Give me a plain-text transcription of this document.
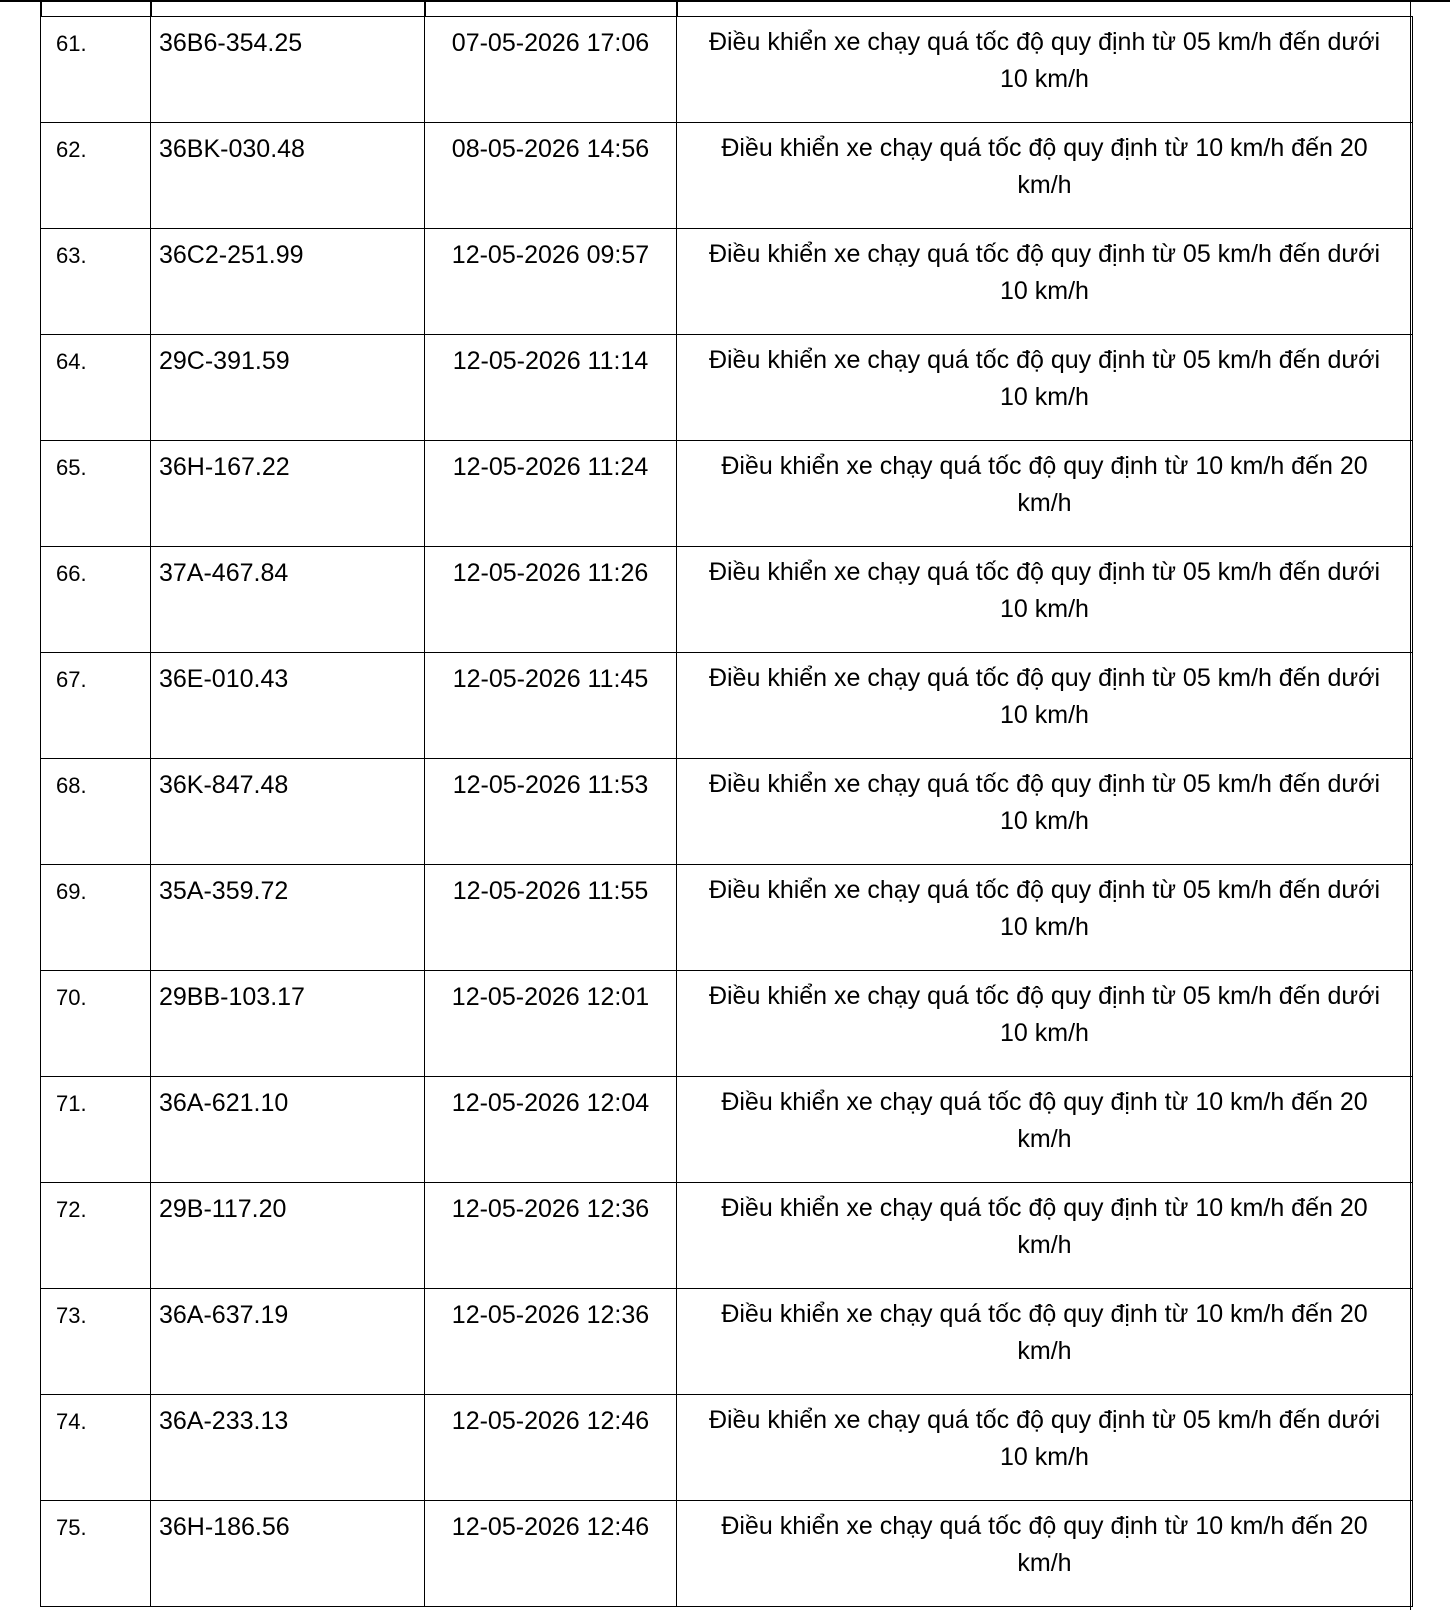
61.	36B6-354.25	07-05-2026 17:06	Điều khiển xe chạy quá tốc độ quy định từ 05 km/h đến dưới 10 km/h
62.	36BK-030.48	08-05-2026 14:56	Điều khiển xe chạy quá tốc độ quy định từ 10 km/h đến 20 km/h
63.	36C2-251.99	12-05-2026 09:57	Điều khiển xe chạy quá tốc độ quy định từ 05 km/h đến dưới 10 km/h
64.	29C-391.59	12-05-2026 11:14	Điều khiển xe chạy quá tốc độ quy định từ 05 km/h đến dưới 10 km/h
65.	36H-167.22	12-05-2026 11:24	Điều khiển xe chạy quá tốc độ quy định từ 10 km/h đến 20 km/h
66.	37A-467.84	12-05-2026 11:26	Điều khiển xe chạy quá tốc độ quy định từ 05 km/h đến dưới 10 km/h
67.	36E-010.43	12-05-2026 11:45	Điều khiển xe chạy quá tốc độ quy định từ 05 km/h đến dưới 10 km/h
68.	36K-847.48	12-05-2026 11:53	Điều khiển xe chạy quá tốc độ quy định từ 05 km/h đến dưới 10 km/h
69.	35A-359.72	12-05-2026 11:55	Điều khiển xe chạy quá tốc độ quy định từ 05 km/h đến dưới 10 km/h
70.	29BB-103.17	12-05-2026 12:01	Điều khiển xe chạy quá tốc độ quy định từ 05 km/h đến dưới 10 km/h
71.	36A-621.10	12-05-2026 12:04	Điều khiển xe chạy quá tốc độ quy định từ 10 km/h đến 20 km/h
72.	29B-117.20	12-05-2026 12:36	Điều khiển xe chạy quá tốc độ quy định từ 10 km/h đến 20 km/h
73.	36A-637.19	12-05-2026 12:36	Điều khiển xe chạy quá tốc độ quy định từ 10 km/h đến 20 km/h
74.	36A-233.13	12-05-2026 12:46	Điều khiển xe chạy quá tốc độ quy định từ 05 km/h đến dưới 10 km/h
75.	36H-186.56	12-05-2026 12:46	Điều khiển xe chạy quá tốc độ quy định từ 10 km/h đến 20 km/h
